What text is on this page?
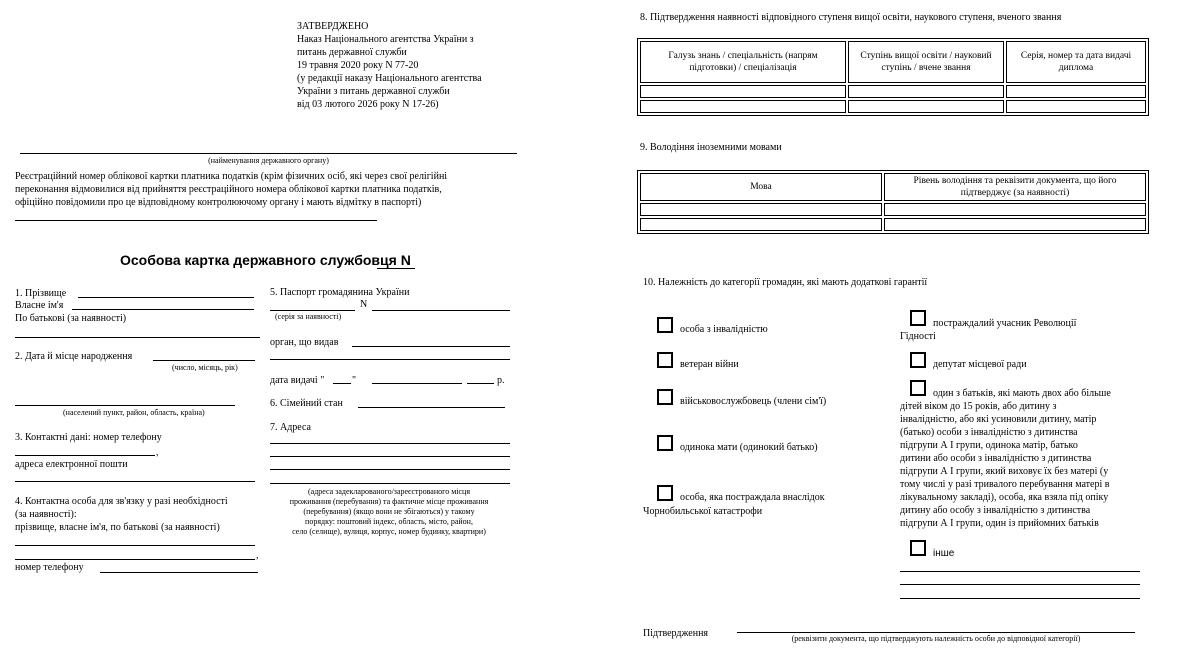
ЗАТВЕРДЖЕНО
Наказ Національного агентства України з
питань державної служби
19 травня 2020 року N 77-20
(у редакції наказу Національного агентства
України з питань державної служби
від 03 лютого 2026 року N 17-26)
(найменування державного органу)
Реєстраційний номер облікової картки платника податків (крім фізичних осіб, які через свої релігійні
переконання відмовилися від прийняття реєстраційного номера облікової картки платника податків,
офіційно повідомили про це відповідному контролюючому органу і мають відмітку в паспорті)
Особова картка державного службовця N
1. Прізвище
Власне ім'я
По батькові (за наявності)
2. Дата й місце народження
(число, місяць, рік)
(населений пункт, район, область, країна)
3. Контактні дані: номер телефону
,
адреса електронної пошти
4. Контактна особа для зв'язку у разі необхідності
(за наявності):
прізвище, власне ім'я, по батькові (за наявності)
,
номер телефону
5. Паспорт громадянина України
N
(серія за наявності)
орган, що видав
дата видачі "	"	р.
6. Сімейний стан
7. Адреса
(адреса задекларованого/зареєстрованого місця
проживання (перебування) та фактичне місце проживання
(перебування) (якщо вони не збігаються) у такому
порядку: поштовий індекс, область, місто, район,
село (селище), вулиця, корпус, номер будинку, квартири)
8. Підтвердження наявності відповідного ступеня вищої освіти, наукового ступеня, вченого звання
Галузь знань / спеціальність (напрям підготовки) / спеціалізація	Ступінь вищої освіти / науковий ступінь / вчене звання	Серія, номер та дата видачі диплома

9. Володіння іноземними мовами
Мова	Рівень володіння та реквізити документа, що його підтверджує (за наявності)

10. Належність до категорії громадян, які мають додаткові гарантії
особа з інвалідністю
ветеран війни
військовослужбовець (члени сім'ї)
одинока мати (одинокий батько)
особа, яка постраждала внаслідок
Чорнобильської катастрофи
постраждалий учасник Революції
Гідності
депутат місцевої ради
один з батьків, які мають двох або більше
дітей віком до 15 років, або дитину з
інвалідністю, або які усиновили дитину, матір
(батько) особи з інвалідністю з дитинства
підгрупи А І групи, одинока матір, батько
дитини або особи з інвалідністю з дитинства
підгрупи А І групи, який виховує їх без матері (у
тому числі у разі тривалого перебування матері в
лікувальному закладі), особа, яка взяла під опіку
дитину або особу з інвалідністю з дитинства
підгрупи А І групи, один із прийомних батьків
інше
Підтвердження	(реквізити документа, що підтверджують належність особи до відповідної категорії)
